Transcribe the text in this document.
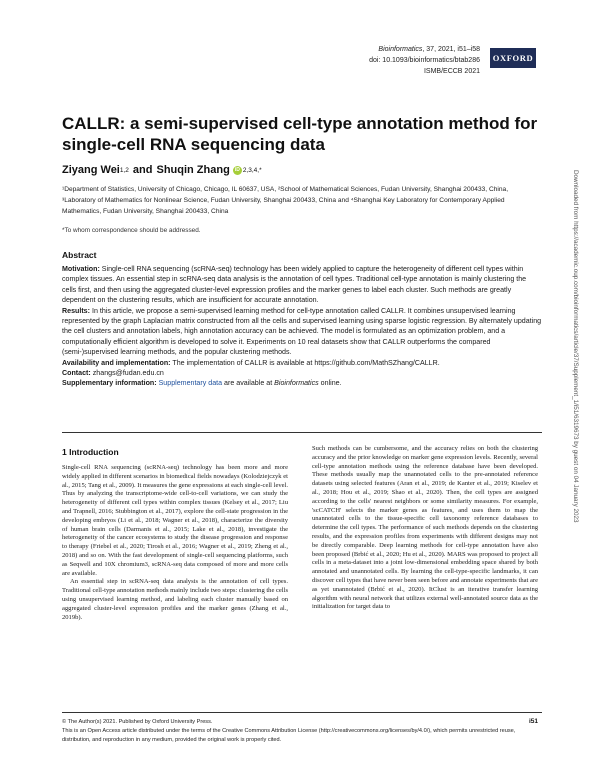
Bioinformatics, 37, 2021, i51–i58
doi: 10.1093/bioinformatics/btab286
ISMB/ECCB 2021
OXFORD
CALLR: a semi-supervised cell-type annotation method for single-cell RNA sequencing data
Ziyang Wei 1,2 and Shuqin Zhang	iD 2,3,4, *
¹Department of Statistics, University of Chicago, Chicago, IL 60637, USA, ²School of Mathematical Sciences, Fudan University, Shanghai 200433, China, ³Laboratory of Mathematics for Nonlinear Science, Fudan University, Shanghai 200433, China and ⁴Shanghai Key Laboratory for Contemporary Applied Mathematics, Fudan University, Shanghai 200433, China
*To whom correspondence should be addressed.
Abstract

Motivation: Single-cell RNA sequencing (scRNA-seq) technology has been widely applied to capture the heterogeneity of different cell types within complex tissues. An essential step in scRNA-seq data analysis is the annotation of cell types. Traditional cell-type annotation is mainly clustering the cells first, and then using the aggregated cluster-level expression profiles and the marker genes to label each cluster. Such methods are greatly dependent on the clustering results, which are insufficient for accurate annotation.

Results: In this article, we propose a semi-supervised learning method for cell-type annotation called CALLR. It combines unsupervised learning represented by the graph Laplacian matrix constructed from all the cells and supervised learning using sparse logistic regression. By alternately updating the cell clusters and annotation labels, high annotation accuracy can be achieved. The model is formulated as an optimization problem, and a computationally efficient algorithm is developed to solve it. Experiments on 10 real datasets show that CALLR outperforms the compared (semi-)supervised learning methods, and the popular clustering methods.

Availability and implementation: The implementation of CALLR is available at https://github.com/MathSZhang/CALLR.

Contact: zhangs@fudan.edu.cn

Supplementary information: Supplementary data are available at Bioinformatics online.

1 Introduction

Single-cell RNA sequencing (scRNA-seq) technology has been more and more widely applied in different scenarios in biomedical fields nowadays (Kolodziejczyk et al., 2015; Tang et al., 2009). It measures the gene expressions at each single-cell level. Thus by analyzing the transcriptome-wide cell-to-cell variations, we can study the heterogeneity of different cell types within complex tissues (Kelsey et al., 2017; Liu and Trapnell, 2016; Stubbington et al., 2017), explore the cell-state progression in the developing embryos (Li et al., 2018; Wagner et al., 2018), characterize the diversity of human brain cells (Darmanis et al., 2015; Lake et al., 2018), investigate the heterogeneity of the cancer ecosystems to study the disease progression and response to therapy (Friebel et al., 2020; Tirosh et al., 2016; Wagner et al., 2019; Zheng et al., 2018) and so on. With the fast development of single-cell sequencing platforms, such as Seqwell and 10X chromium3, scRNA-seq data composed of more and more cells are available.

An essential step in scRNA-seq data analysis is the annotation of cell types. Traditional cell-type annotation methods mainly include two steps: clustering the cells using unsupervised learning method, and labeling each cluster manually based on aggregated cluster-level expression profiles and the marker genes (Zhang et al., 2019b).

Such methods can be cumbersome, and the accuracy relies on both the clustering accuracy and the prior knowledge on marker gene expression levels. Recently, several cell-type annotation methods using the reference database have been developed. These methods usually map the unannotated cells to the pre-annotated reference datasets using selected features (Aran et al., 2019; de Kanter et al., 2019; Kiselev et al., 2018; Hou et al., 2019; Shao et al., 2020). Then, the cell types are assigned according to the cells' nearest neighbors or some similarity measures. For example, 'scCATCH' selects the marker genes as features, and uses them to map the unannotated cells to the tissue-specific cell taxonomy reference databases to determine the cell types. The performance of such methods depends on the clustering results, and the expression profiles from experiments with different designs may not be directly comparable. Deep learning methods for cell-type annotation have also been proposed (Brbić et al., 2020; Hu et al., 2020). MARS was proposed to project all cells in a meta-dataset into a joint low-dimensional embedding space shared by both annotated and unannotated cells. By learning the cell-type-specific landmarks, it can discover cell types that have never been seen before and annotate experiments that are as yet unannotated (Brbić et al., 2020). ItClust is an iterative transfer learning algorithm with neural network that utilizes external well-annotated source data as the initialization for target data to

© The Author(s) 2021. Published by Oxford University Press.
This is an Open Access article distributed under the terms of the Creative Commons Attribution License (http://creativecommons.org/licenses/by/4.0/), which permits unrestricted reuse, distribution, and reproduction in any medium, provided the original work is properly cited.
i51
Downloaded from https://academic.oup.com/bioinformatics/article/37/Supplement_1/i51/6319673 by guest on 04 January 2023
